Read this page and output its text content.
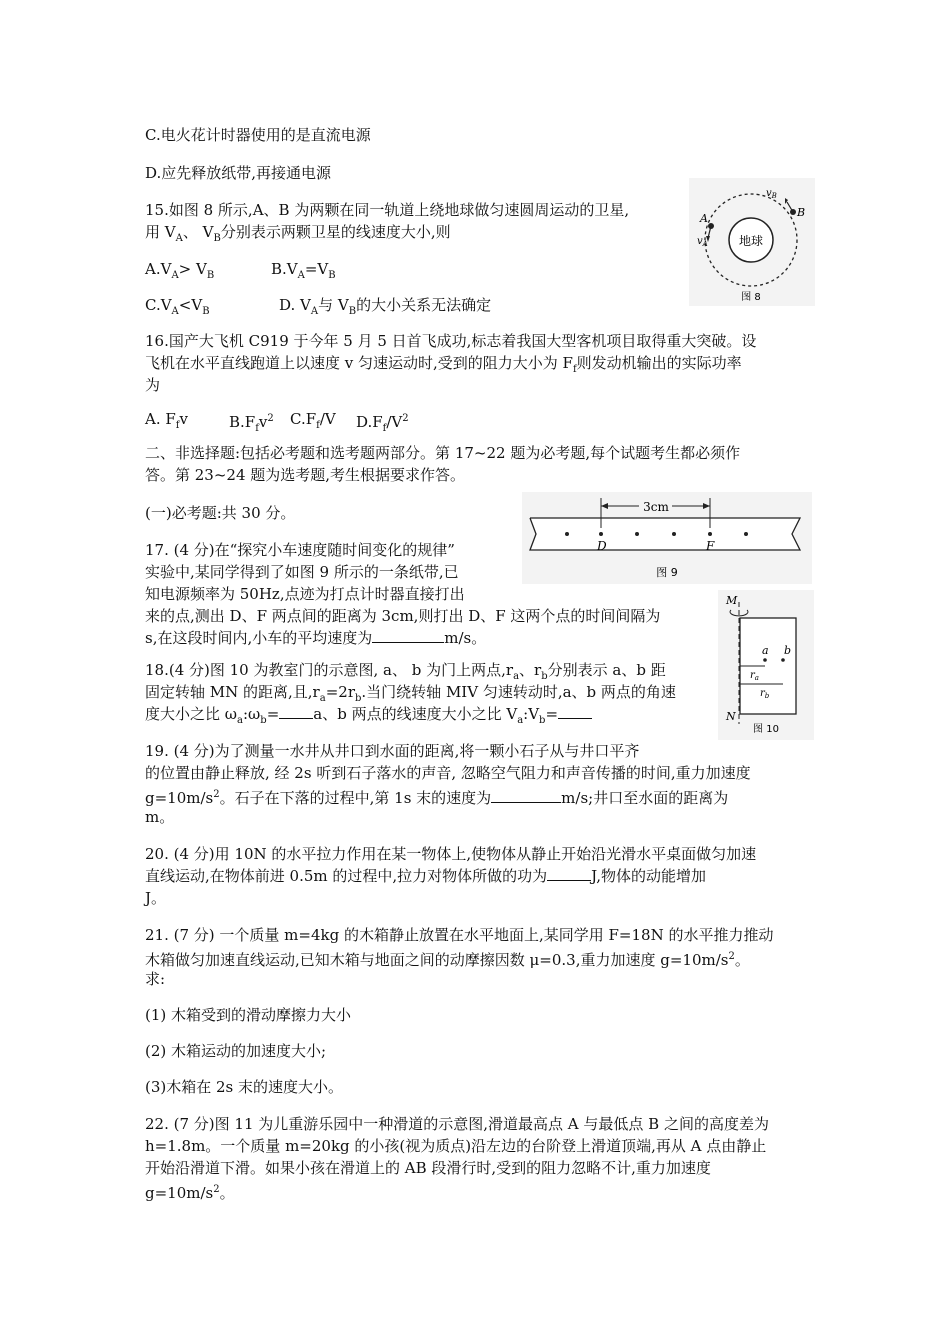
C.电火花计时器使用的是直流电源

D.应先释放纸带,再接通电源

15.如图 8 所示,A、B 为两颗在同一轨道上绕地球做匀速圆周运动的卫星,

用 $V_A$、 $V_B$分别表示两颗卫星的线速度大小,则

$A.V_A> V_B$	$B.V_A=V_B$

$C.V_A<V_B$	D. $V_A$与 $V_B$的大小关系无法确定

地球
A
$v_A$
B
$v_B$
图 8

16.国产大飞机 C919 于今年 5 月 5 日首飞成功,标志着我国大型客机项目取得重大突破。设

飞机在水平直线跑道上以速度 v 匀速运动时,受到的阻力大小为 $F_f$则发动机输出的实际功率

为

A. $F_fv$	$B.F_fv^2$ $C.F_f/V$ $D.F_f/V^2$

二、非选择题:包括必考题和选考题两部分。第 17~22 题为必考题,每个试题考生都必须作

答。第 23~24 题为选考题,考生根据要求作答。

(一)必考题:共 30 分。	3cm
D	F
图 9

17. (4 分)在“探究小车速度随时间变化的规律”

实验中,某同学得到了如图 9 所示的一条纸带,已

知电源频率为 50Hz,点迹为打点计时器直接打出

来的点,测出 D、F 两点间的距离为 3cm,则打出 D、F 这两个点的时间间隔为

s,在这段时间内,小车的平均速度为	m/s。

M
N
a b
$r_a$
$r_b$
图 10

18.(4 分)图 10 为教室门的示意图, a、 b 为门上两点$,r_a$、$r_b$分别表示 a、b 距

固定转轴 MN 的距离,且$,r_a=2r_b$.当门绕转轴 MIV 匀速转动时,a、b 两点的角速

度大小之比 $\omega_a:\omega_b= a$、b 两点的线速度大小之比 $V_a:V_b=$

19. (4 分)为了测量一水井从井口到水面的距离,将一颗小石子从与井口平齐

的位置由静止释放, 经 2s 听到石子落水的声音, 忽略空气阻力和声音传播的时间,重力加速度

$g=10m/s^2$。石子在下落的过程中,第 1s 末的速度为	m/s;井口至水面的距离为

m。

20. (4 分)用 10N 的水平拉力作用在某一物体上,使物体从静止开始沿光滑水平桌面做匀加速

直线运动,在物体前进 0.5m 的过程中,拉力对物体所做的功为	J,物体的动能增加

J。

21. (7 分) 一个质量 m=4kg 的木箱静止放置在水平地面上,某同学用 F=18N 的水平推力推动

木箱做匀加速直线运动,已知木箱与地面之间的动摩擦因数 μ=0.3,重力加速度 $g=10m/s^2$。

求:

(1) 木箱受到的滑动摩擦力大小

(2) 木箱运动的加速度大小;

(3)木箱在 2s 末的速度大小。

22. (7 分)图 11 为儿重游乐园中一种滑道的示意图,滑道最高点 A 与最低点 B 之间的高度差为

h=1.8m。一个质量 m=20kg 的小孩(视为质点)沿左边的台阶登上滑道顶端,再从 A 点由静止

开始沿滑道下滑。如果小孩在滑道上的 AB 段滑行时,受到的阻力忽略不计,重力加速度

$g=10m/s^2$。
